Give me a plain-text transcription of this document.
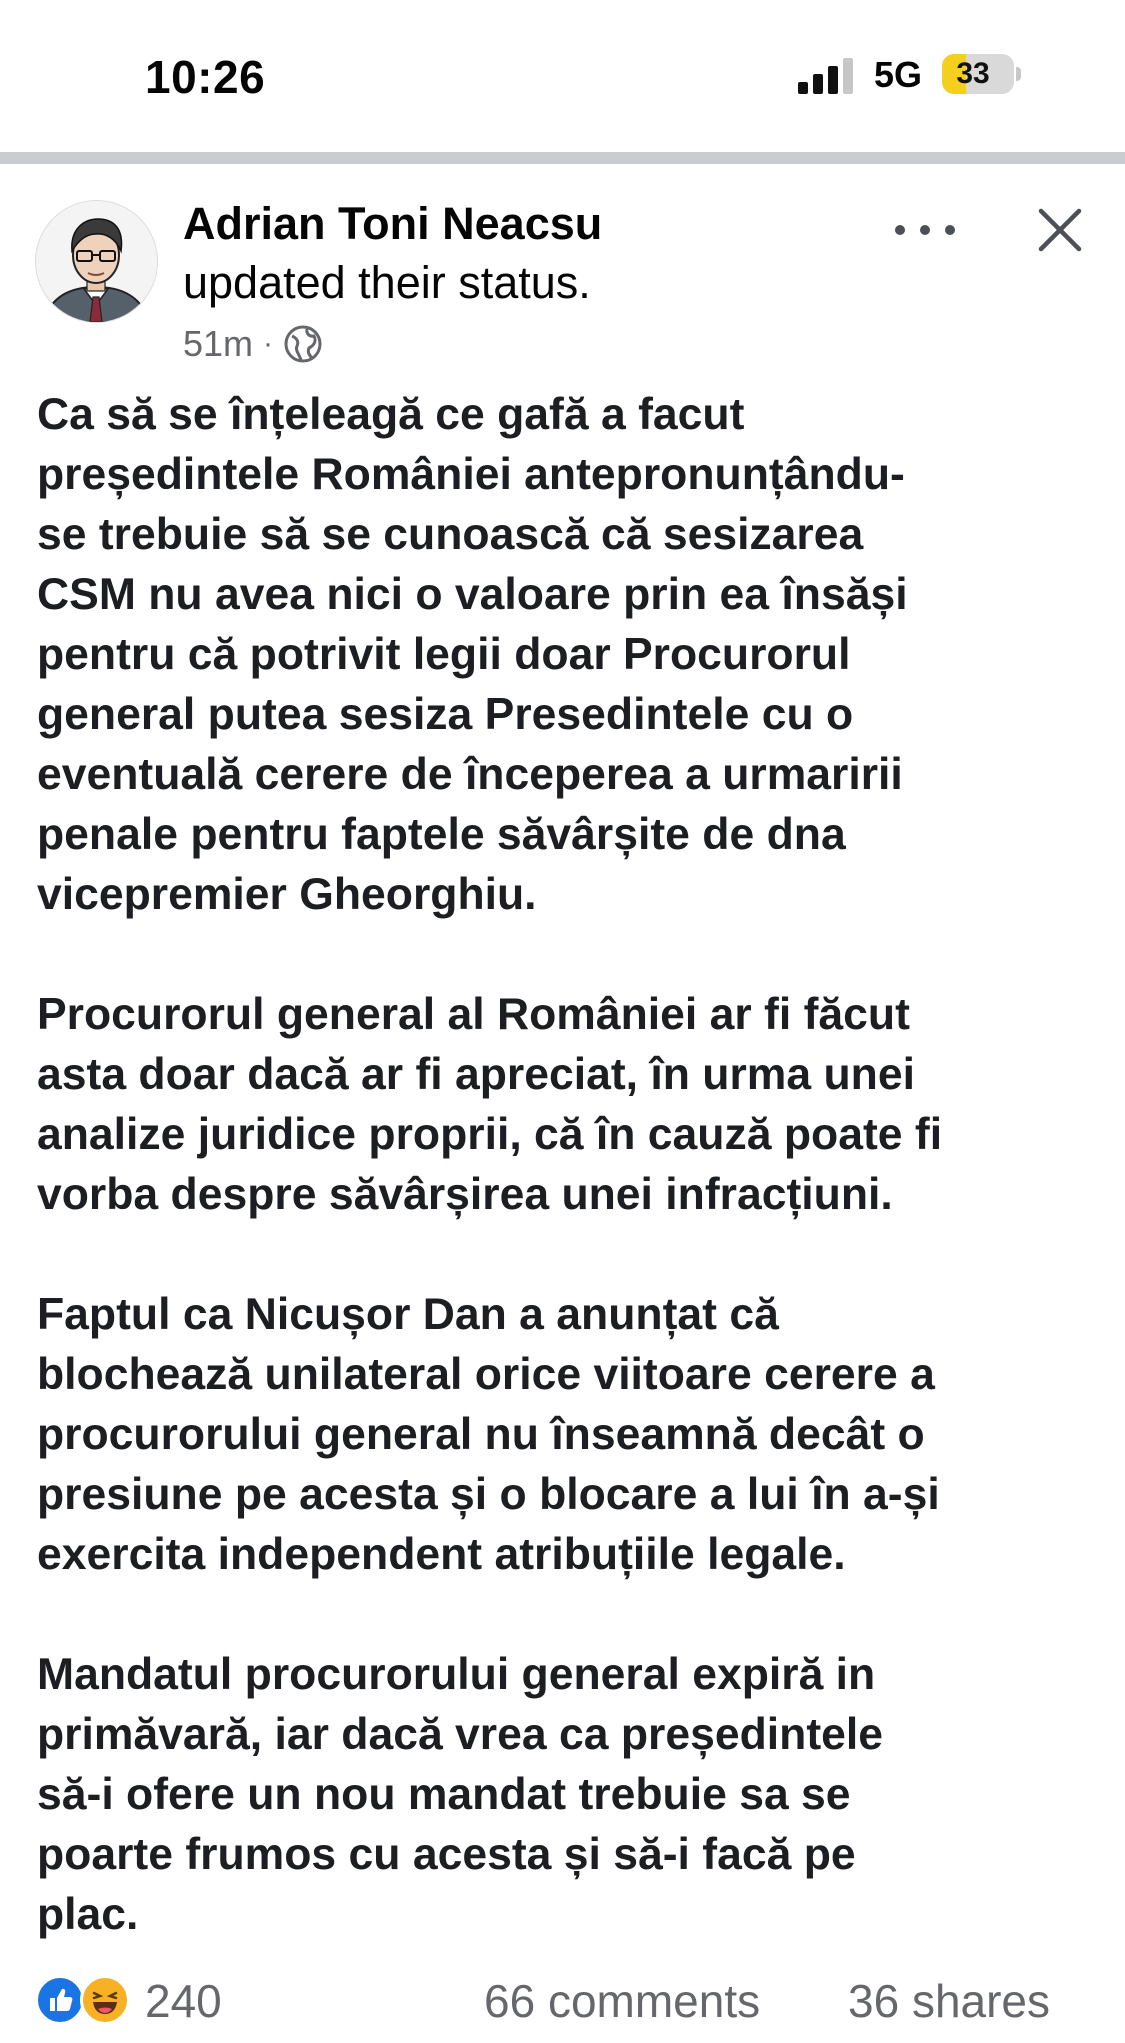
10:26	5G	33
Adrian Toni Neacsu
updated their status.
51m ·

Ca să se înțeleagă ce gafă a facut
președintele României antepronunțându-
se trebuie să se cunoască că sesizarea
CSM nu avea nici o valoare prin ea însăși
pentru că potrivit legii doar Procurorul
general putea sesiza Presedintele cu o
eventuală cerere de începerea a urmaririi
penale pentru faptele săvârșite de dna
vicepremier Gheorghiu.

Procurorul general al României ar fi făcut
asta doar dacă ar fi apreciat, în urma unei
analize juridice proprii, că în cauză poate fi
vorba despre săvârșirea unei infracțiuni.

Faptul ca Nicușor Dan a anunțat că
blochează unilateral orice viitoare cerere a
procurorului general nu înseamnă decât o
presiune pe acesta și o blocare a lui în a-și
exercita independent atribuțiile legale.

Mandatul procurorului general expiră in
primăvară, iar dacă vrea ca președintele
să-i ofere un nou mandat trebuie sa se
poarte frumos cu acesta și să-i facă pe
plac.

240	66 comments 36 shares
